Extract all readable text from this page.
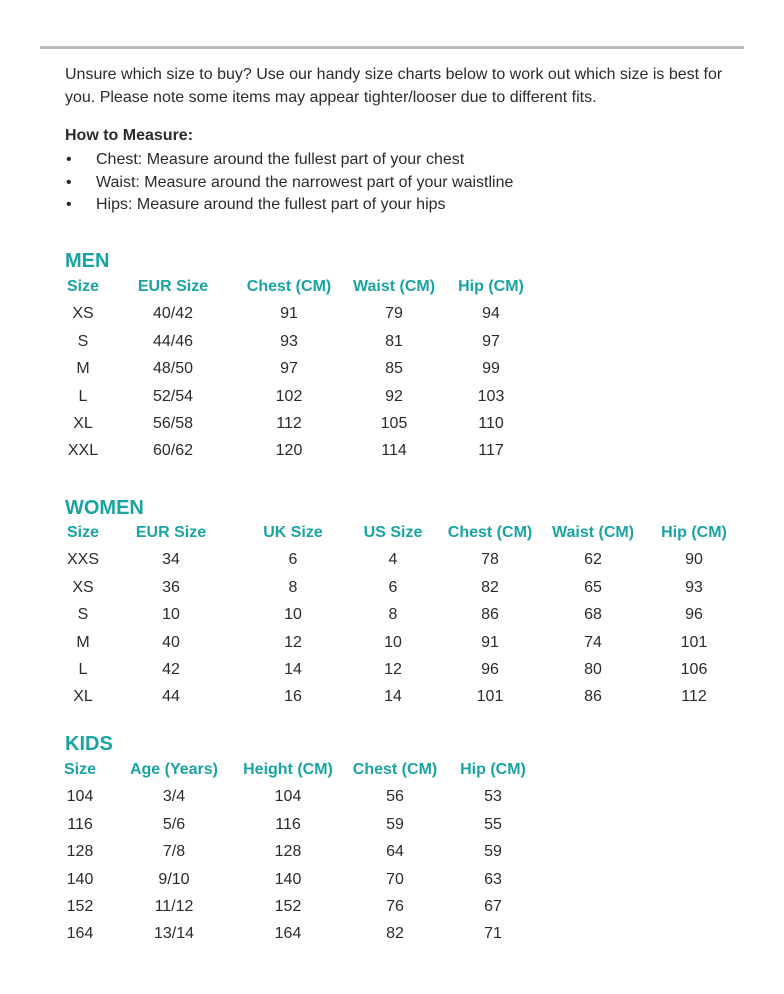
Unsure which size to buy? Use our handy size charts below to work out which size is best for you. Please note some items may appear tighter/looser due to different fits.

How to Measure:
• Chest: Measure around the fullest part of your chest
• Waist: Measure around the narrowest part of your waistline
• Hips: Measure around the fullest part of your hips
MEN
Size	EUR Size	Chest (CM)	Waist (CM)	Hip (CM)
XS	40/42	91	79	94
S	44/46	93	81	97
M	48/50	97	85	99
L	52/54	102	92	103
XL	56/58	112	105	110
XXL	60/62	120	114	117
WOMEN
Size	EUR Size	UK Size	US Size	Chest (CM)	Waist (CM)	Hip (CM)
XXS	34	6	4	78	62	90
XS	36	8	6	82	65	93
S	10	10	8	86	68	96
M	40	12	10	91	74	101
L	42	14	12	96	80	106
XL	44	16	14	101	86	112
KIDS
Size	Age (Years)	Height (CM)	Chest (CM)	Hip (CM)
104	3/4	104	56	53
116	5/6	116	59	55
128	7/8	128	64	59
140	9/10	140	70	63
152	11/12	152	76	67
164	13/14	164	82	71
